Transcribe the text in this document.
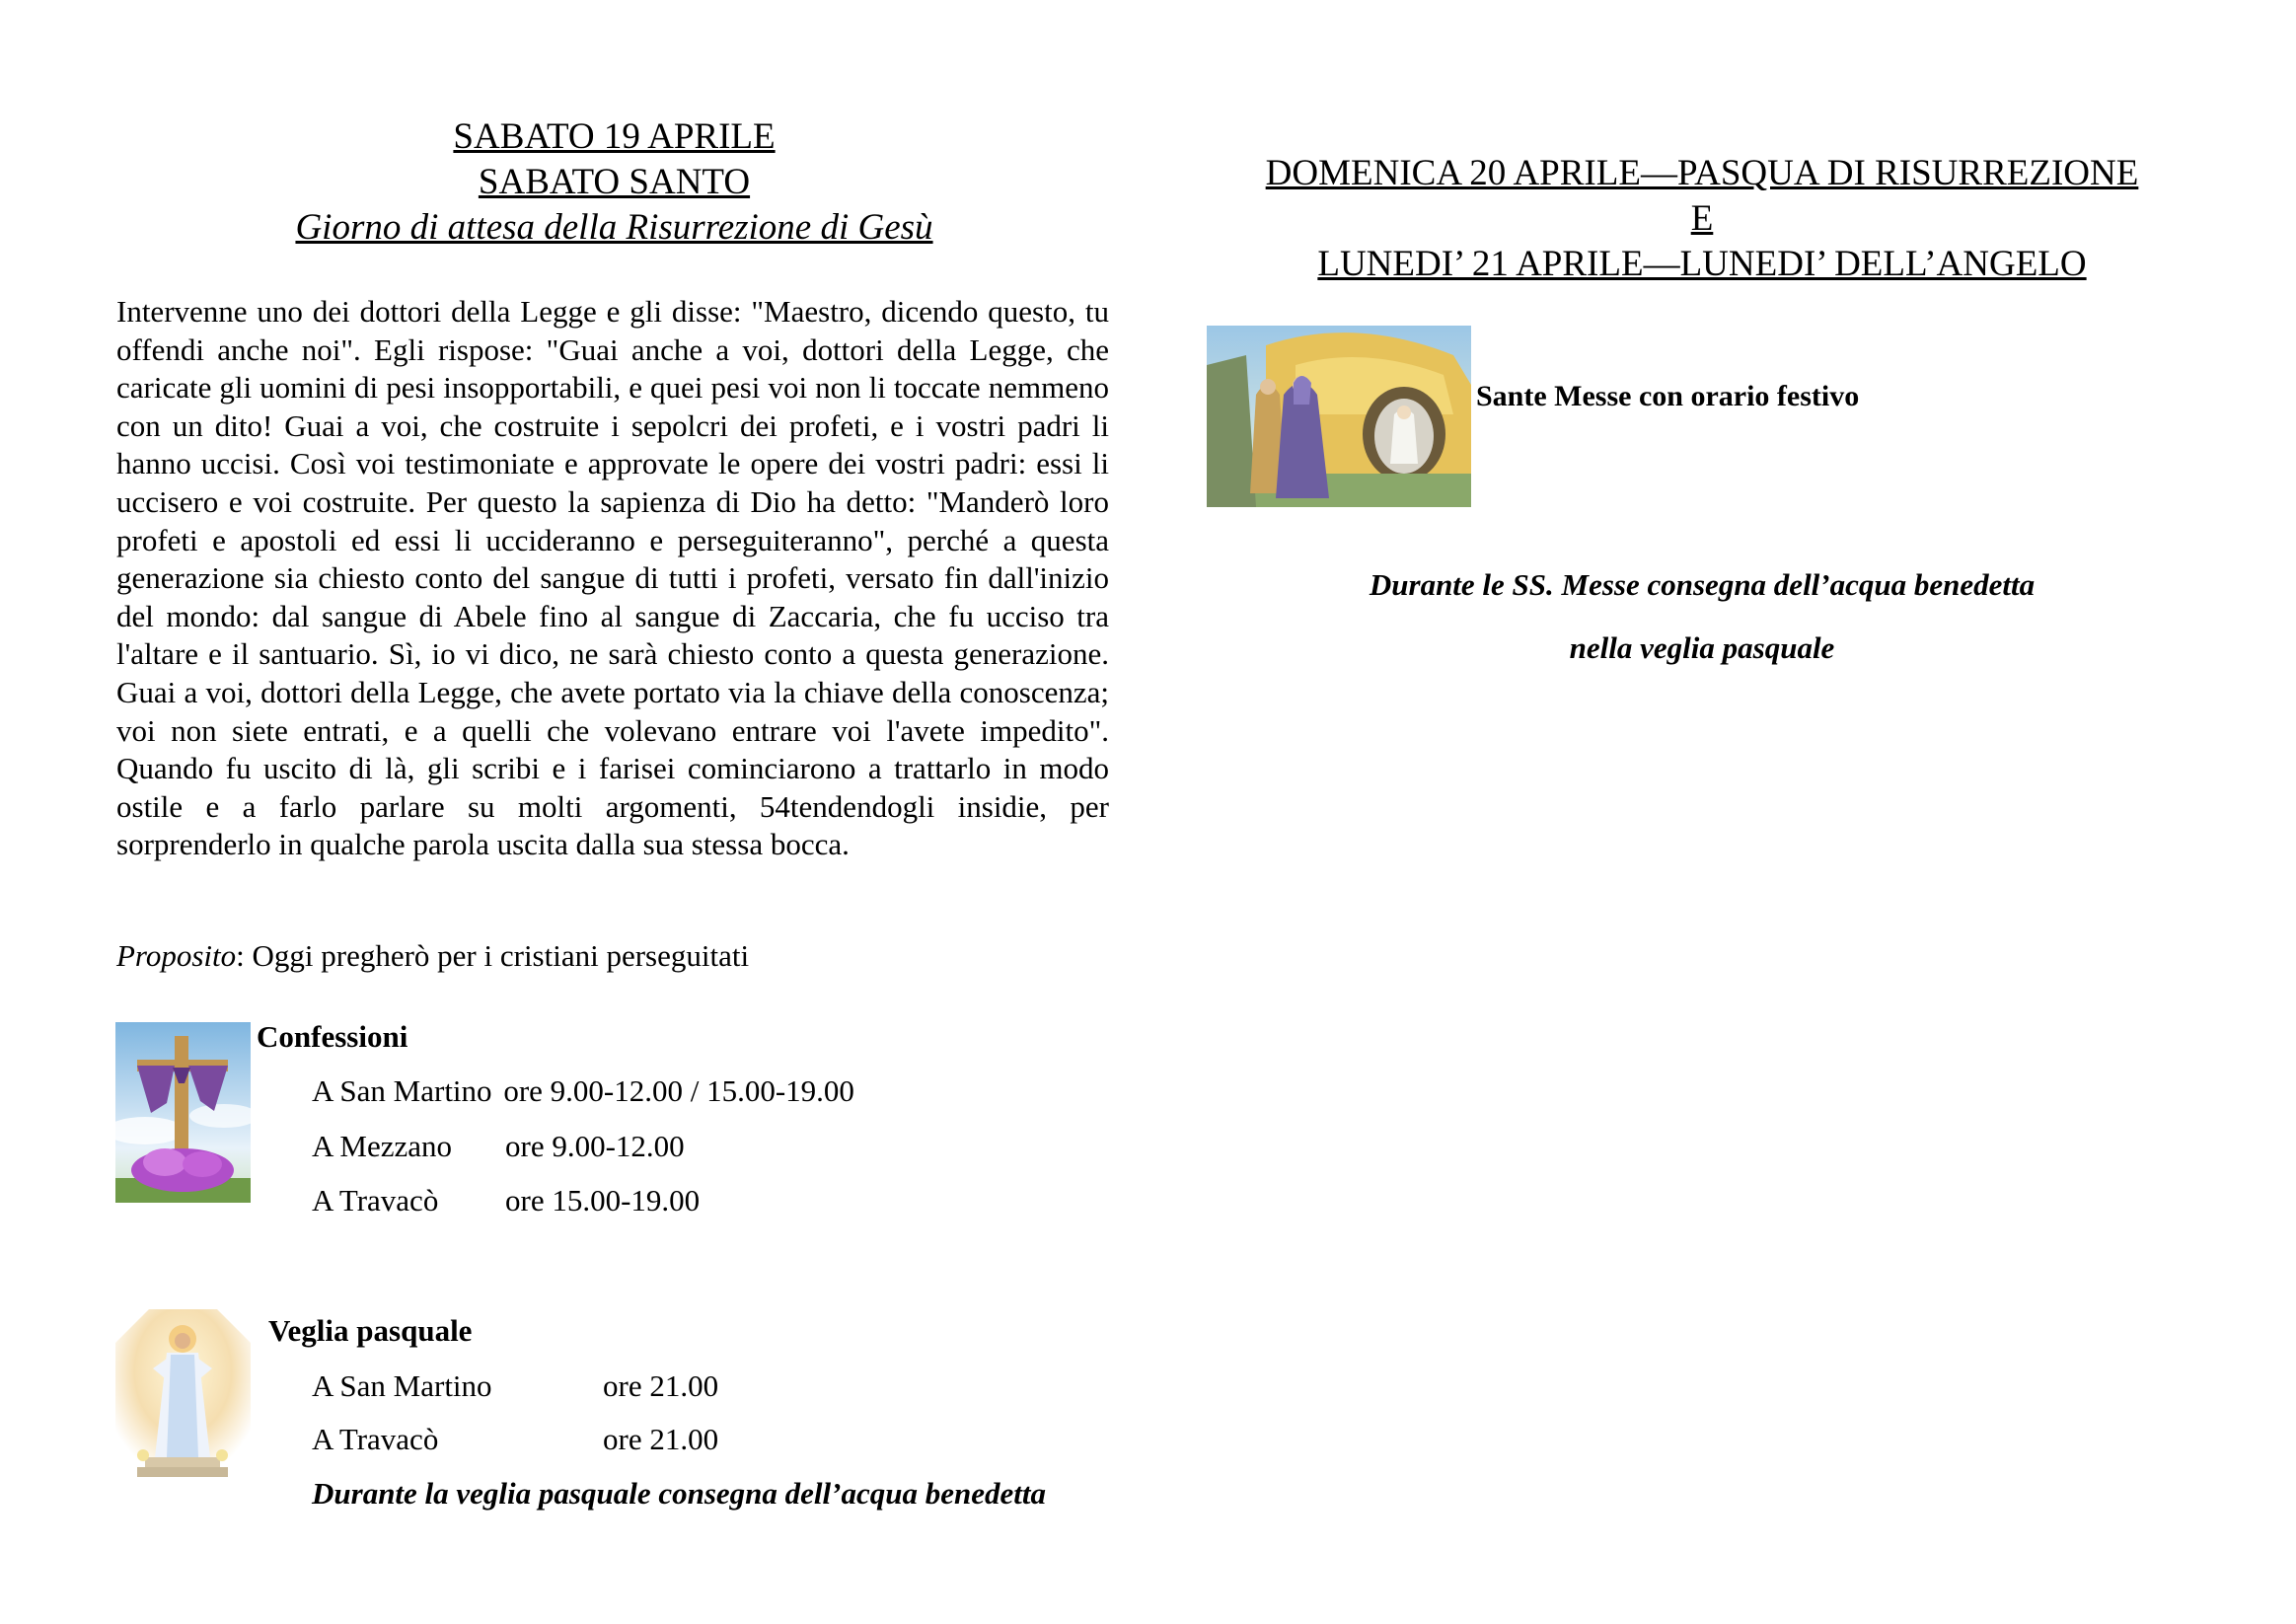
SABATO 19 APRILE
SABATO SANTO
Giorno di attesa della Risurrezione di Gesù

Intervenne uno dei dottori della Legge e gli disse: "Maestro, dicendo questo, tu offendi anche noi". Egli rispose: "Guai anche a voi, dottori della Legge, che caricate gli uomini di pesi insopportabili, e quei pesi voi non li toccate nemmeno con un dito! Guai a voi, che costruite i sepolcri dei profeti, e i vostri padri li hanno uccisi. Così voi testimoniate e approvate le opere dei vostri padri: essi li uccisero e voi costruite. Per questo la sapienza di Dio ha detto: "Manderò loro profeti e apostoli ed essi li uccideranno e perseguiteranno", perché a questa generazione sia chiesto conto del sangue di tutti i profeti, versato fin dall'inizio del mondo: dal sangue di Abele fino al sangue di Zaccaria, che fu ucciso tra l'altare e il santuario. Sì, io vi dico, ne sarà chiesto conto a questa generazione. Guai a voi, dottori della Legge, che avete portato via la chiave della conoscenza; voi non siete entrati, e a quelli che volevano entrare voi l'avete impedito". Quando fu uscito di là, gli scribi e i farisei cominciarono a trattarlo in modo ostile e a farlo parlare su molti argomenti, 54tendendogli insidie, per sorprenderlo in qualche parola uscita dalla sua stessa bocca.

Proposito: Oggi pregherò per i cristiani perseguitati
Confessioni
A San Martino ore 9.00-12.00 / 15.00-19.00
A Mezzano ore 9.00-12.00
A Travacò ore 15.00-19.00
Veglia pasquale
A San Martino	ore 21.00
A Travacò	ore 21.00
Durante la veglia pasquale consegna dell’acqua benedetta
DOMENICA 20 APRILE—PASQUA DI RISURREZIONE
E
LUNEDI’ 21 APRILE—LUNEDI’ DELL’ANGELO
Sante Messe con orario festivo
Durante le SS. Messe consegna dell’acqua benedetta
nella veglia pasquale
